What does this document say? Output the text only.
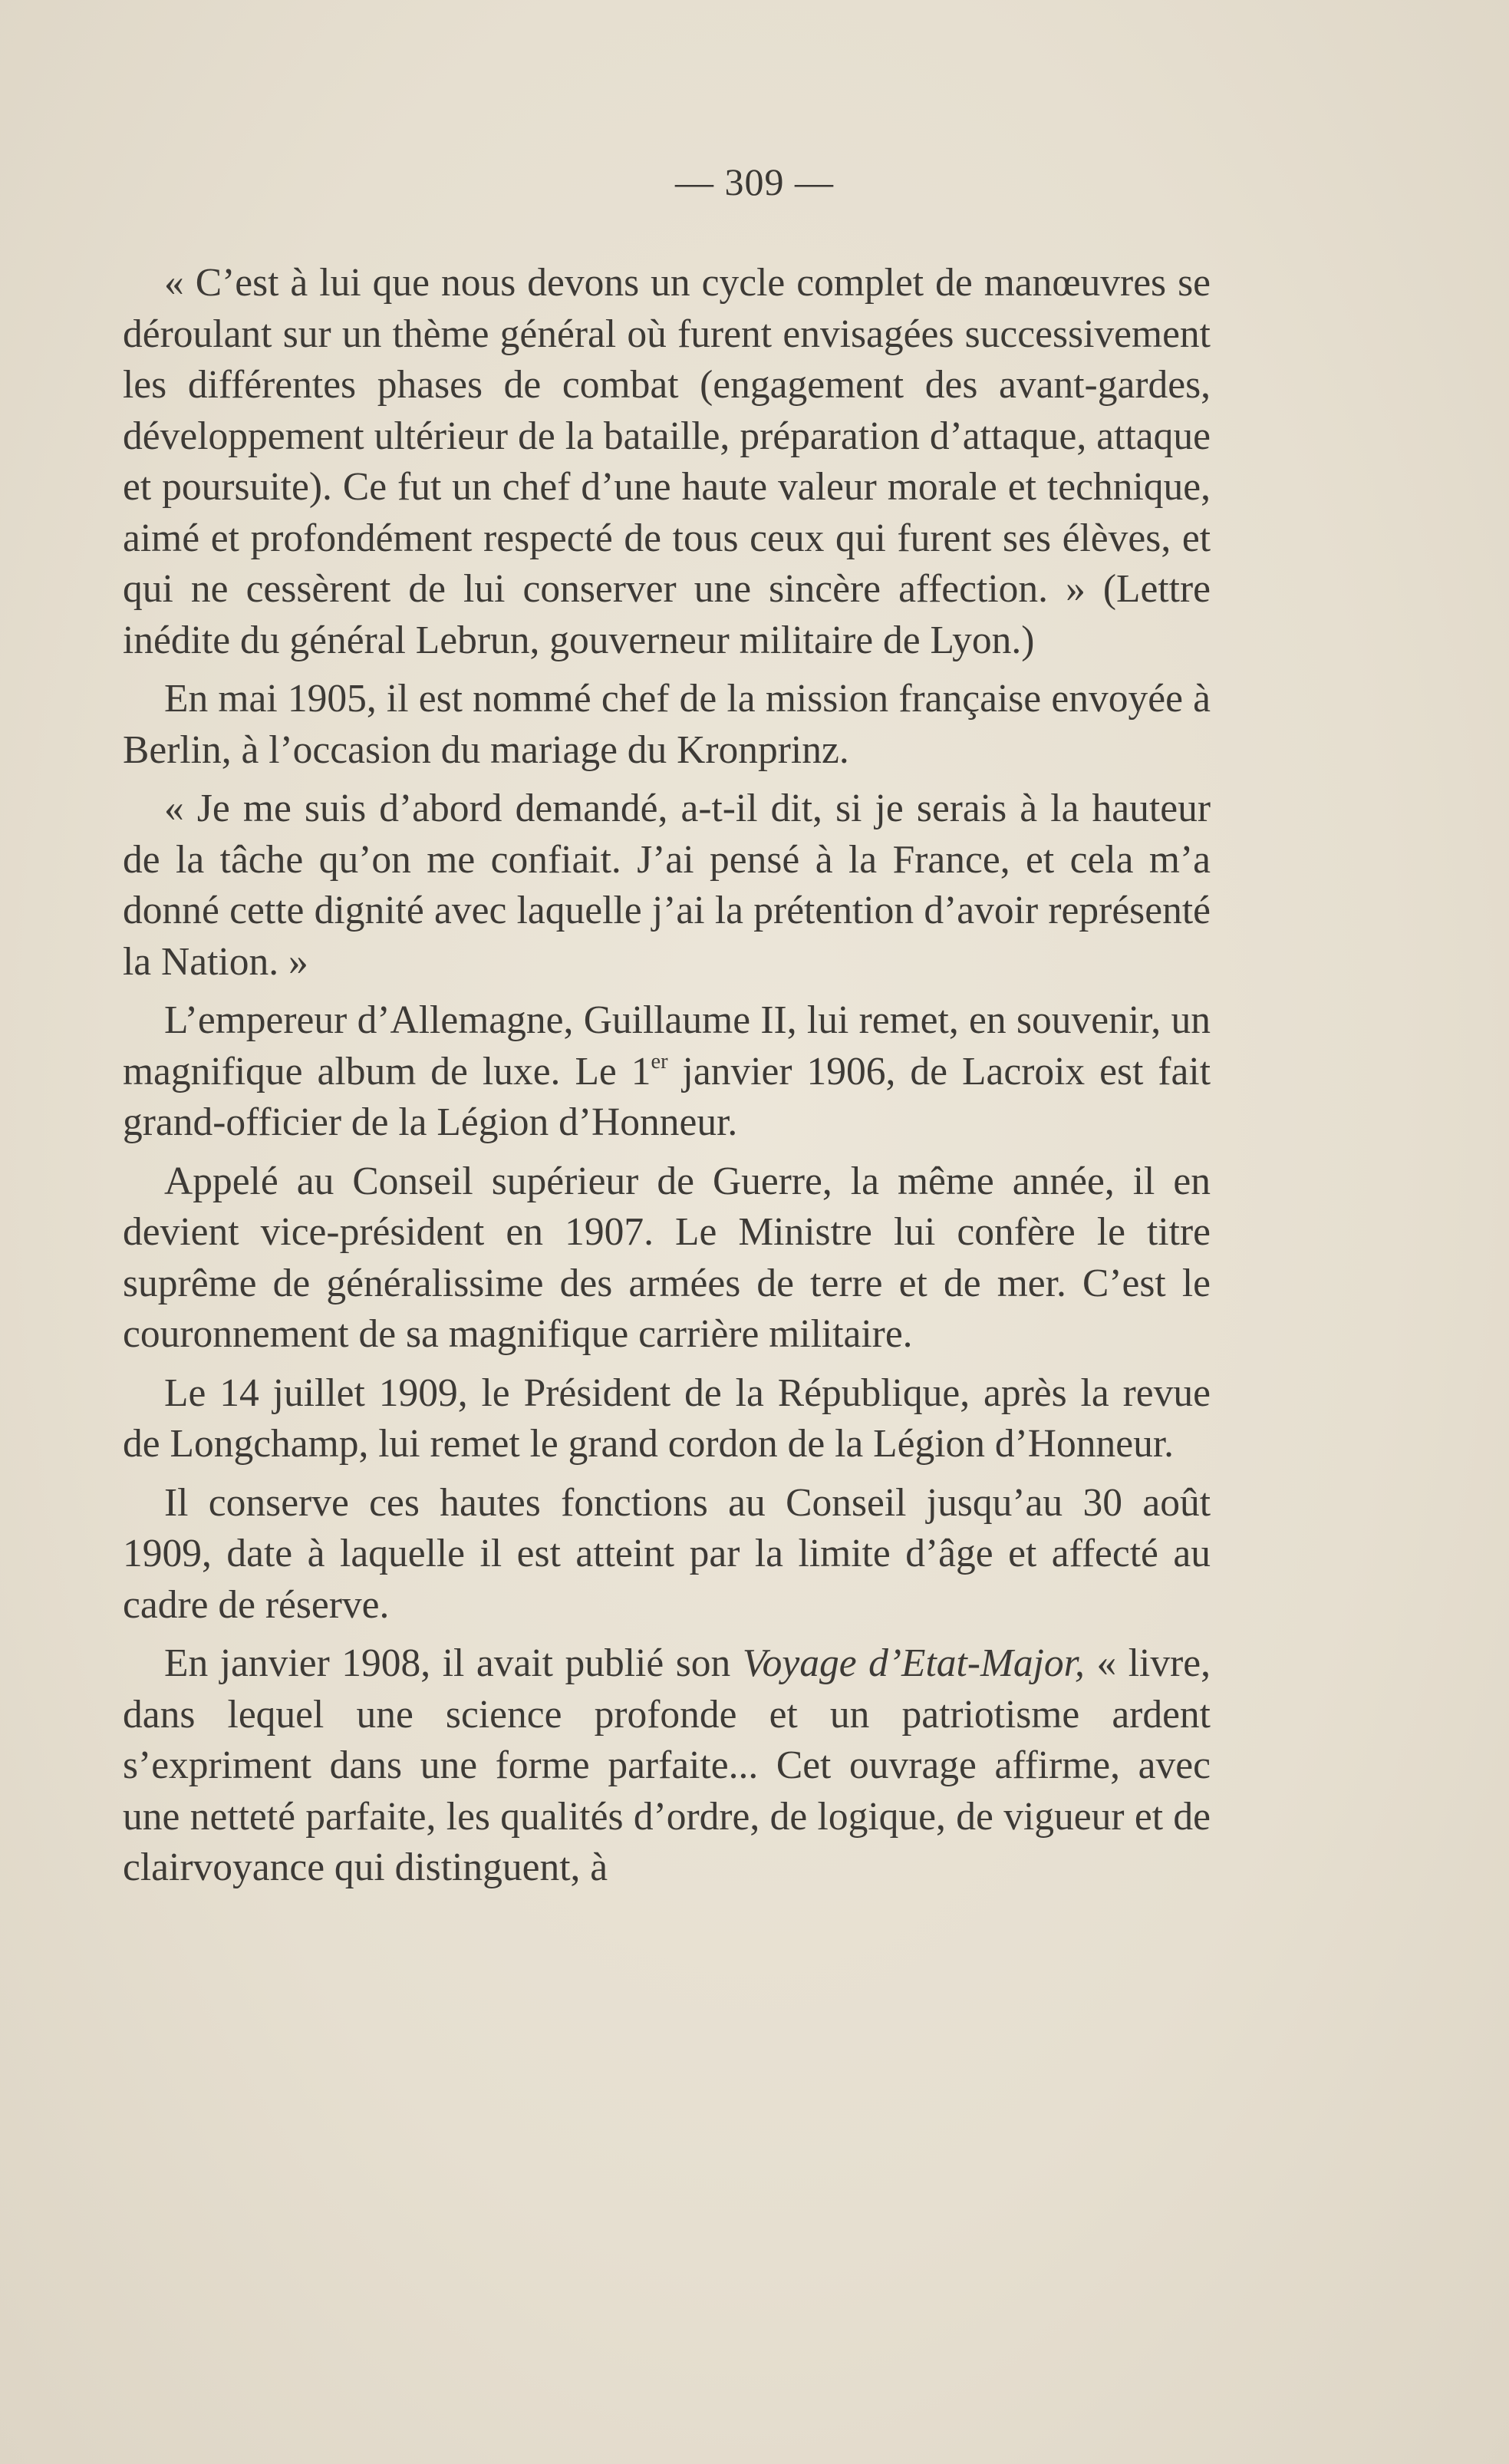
— 309 —

« C’est à lui que nous devons un cycle complet de manœuvres se déroulant sur un thème général où furent envisagées successivement les différentes phases de combat (engagement des avant-gardes, développement ultérieur de la bataille, préparation d’attaque, attaque et poursuite). Ce fut un chef d’une haute valeur morale et technique, aimé et profondément respecté de tous ceux qui furent ses élèves, et qui ne cessèrent de lui conserver une sincère affection. » (Lettre inédite du général Lebrun, gouverneur militaire de Lyon.)

En mai 1905, il est nommé chef de la mission française envoyée à Berlin, à l’occasion du mariage du Kronprinz.

« Je me suis d’abord demandé, a-t-il dit, si je serais à la hauteur de la tâche qu’on me confiait. J’ai pensé à la France, et cela m’a donné cette dignité avec laquelle j’ai la prétention d’avoir représenté la Nation. »

L’empereur d’Allemagne, Guillaume II, lui remet, en souvenir, un magnifique album de luxe. Le 1er janvier 1906, de Lacroix est fait grand-officier de la Légion d’Honneur.

Appelé au Conseil supérieur de Guerre, la même année, il en devient vice-président en 1907. Le Ministre lui confère le titre suprême de généralissime des armées de terre et de mer. C’est le couronnement de sa magnifique carrière militaire.

Le 14 juillet 1909, le Président de la République, après la revue de Longchamp, lui remet le grand cordon de la Légion d’Honneur.

Il conserve ces hautes fonctions au Conseil jusqu’au 30 août 1909, date à laquelle il est atteint par la limite d’âge et affecté au cadre de réserve.

En janvier 1908, il avait publié son Voyage d’Etat-Major, « livre, dans lequel une science profonde et un patriotisme ardent s’expriment dans une forme parfaite... Cet ouvrage affirme, avec une netteté parfaite, les qualités d’ordre, de logique, de vigueur et de clairvoyance qui distinguent, à
